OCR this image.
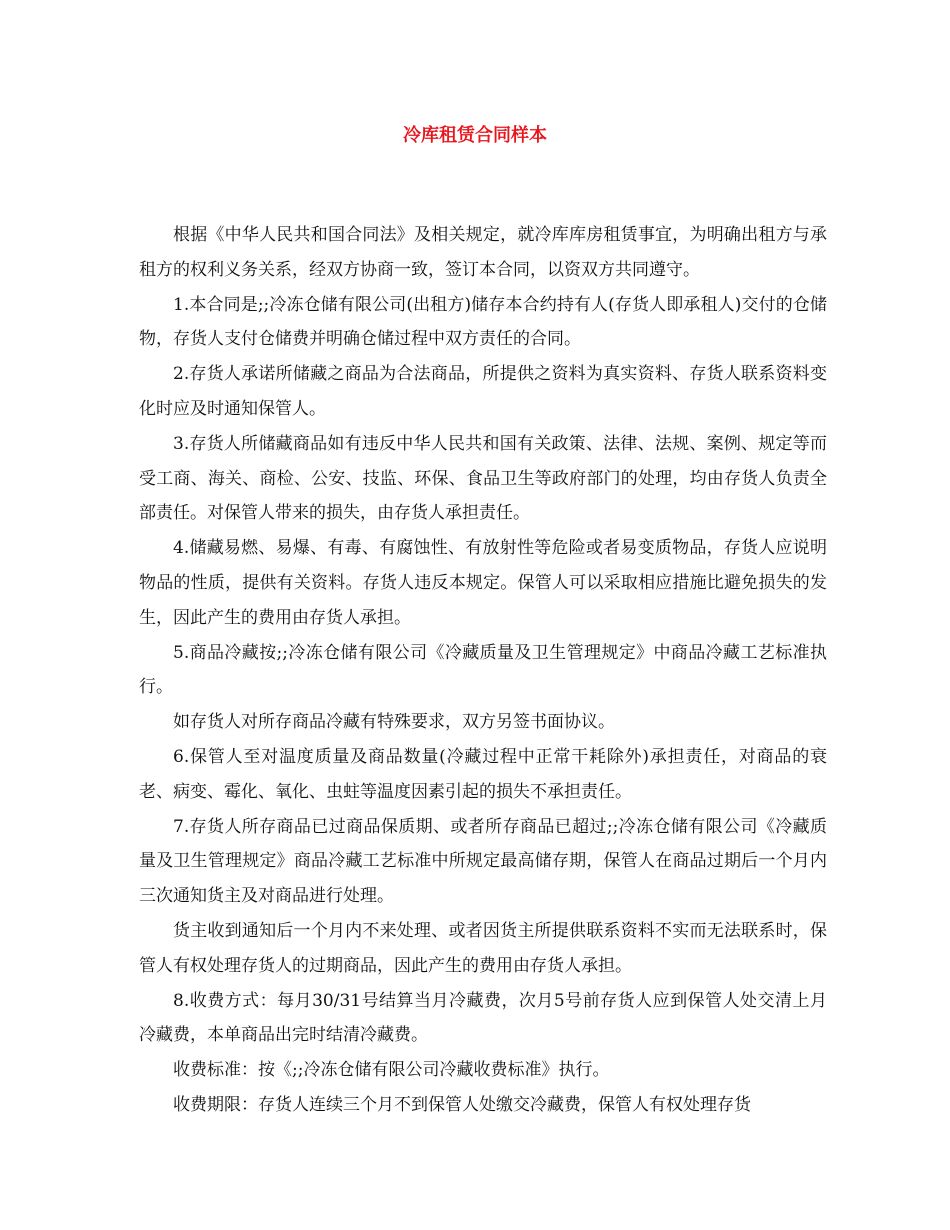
冷库租赁合同样本

根据《中华人民共和国合同法》及相关规定，就冷库库房租赁事宜，为明确出租方与承租方的权利义务关系，经双方协商一致，签订本合同，以资双方共同遵守。

1.本合同是;;冷冻仓储有限公司(出租方)储存本合约持有人(存货人即承租人)交付的仓储物，存货人支付仓储费并明确仓储过程中双方责任的合同。

2.存货人承诺所储藏之商品为合法商品，所提供之资料为真实资料、存货人联系资料变化时应及时通知保管人。

3.存货人所储藏商品如有违反中华人民共和国有关政策、法律、法规、案例、规定等而受工商、海关、商检、公安、技监、环保、食品卫生等政府部门的处理，均由存货人负责全部责任。对保管人带来的损失，由存货人承担责任。

4.储藏易燃、易爆、有毒、有腐蚀性、有放射性等危险或者易变质物品，存货人应说明物品的性质，提供有关资料。存货人违反本规定。保管人可以采取相应措施比避免损失的发生，因此产生的费用由存货人承担。

5.商品冷藏按;;冷冻仓储有限公司《冷藏质量及卫生管理规定》中商品冷藏工艺标准执行。

如存货人对所存商品冷藏有特殊要求，双方另签书面协议。

6.保管人至对温度质量及商品数量(冷藏过程中正常干耗除外)承担责任，对商品的衰老、病变、霉化、氧化、虫蛀等温度因素引起的损失不承担责任。

7.存货人所存商品已过商品保质期、或者所存商品已超过;;冷冻仓储有限公司《冷藏质量及卫生管理规定》商品冷藏工艺标准中所规定最高储存期，保管人在商品过期后一个月内三次通知货主及对商品进行处理。

货主收到通知后一个月内不来处理、或者因货主所提供联系资料不实而无法联系时，保管人有权处理存货人的过期商品，因此产生的费用由存货人承担。

8.收费方式：每月30/31号结算当月冷藏费，次月5号前存货人应到保管人处交清上月冷藏费，本单商品出完时结清冷藏费。

收费标准：按《;;冷冻仓储有限公司冷藏收费标准》执行。

收费期限：存货人连续三个月不到保管人处缴交冷藏费，保管人有权处理存货
